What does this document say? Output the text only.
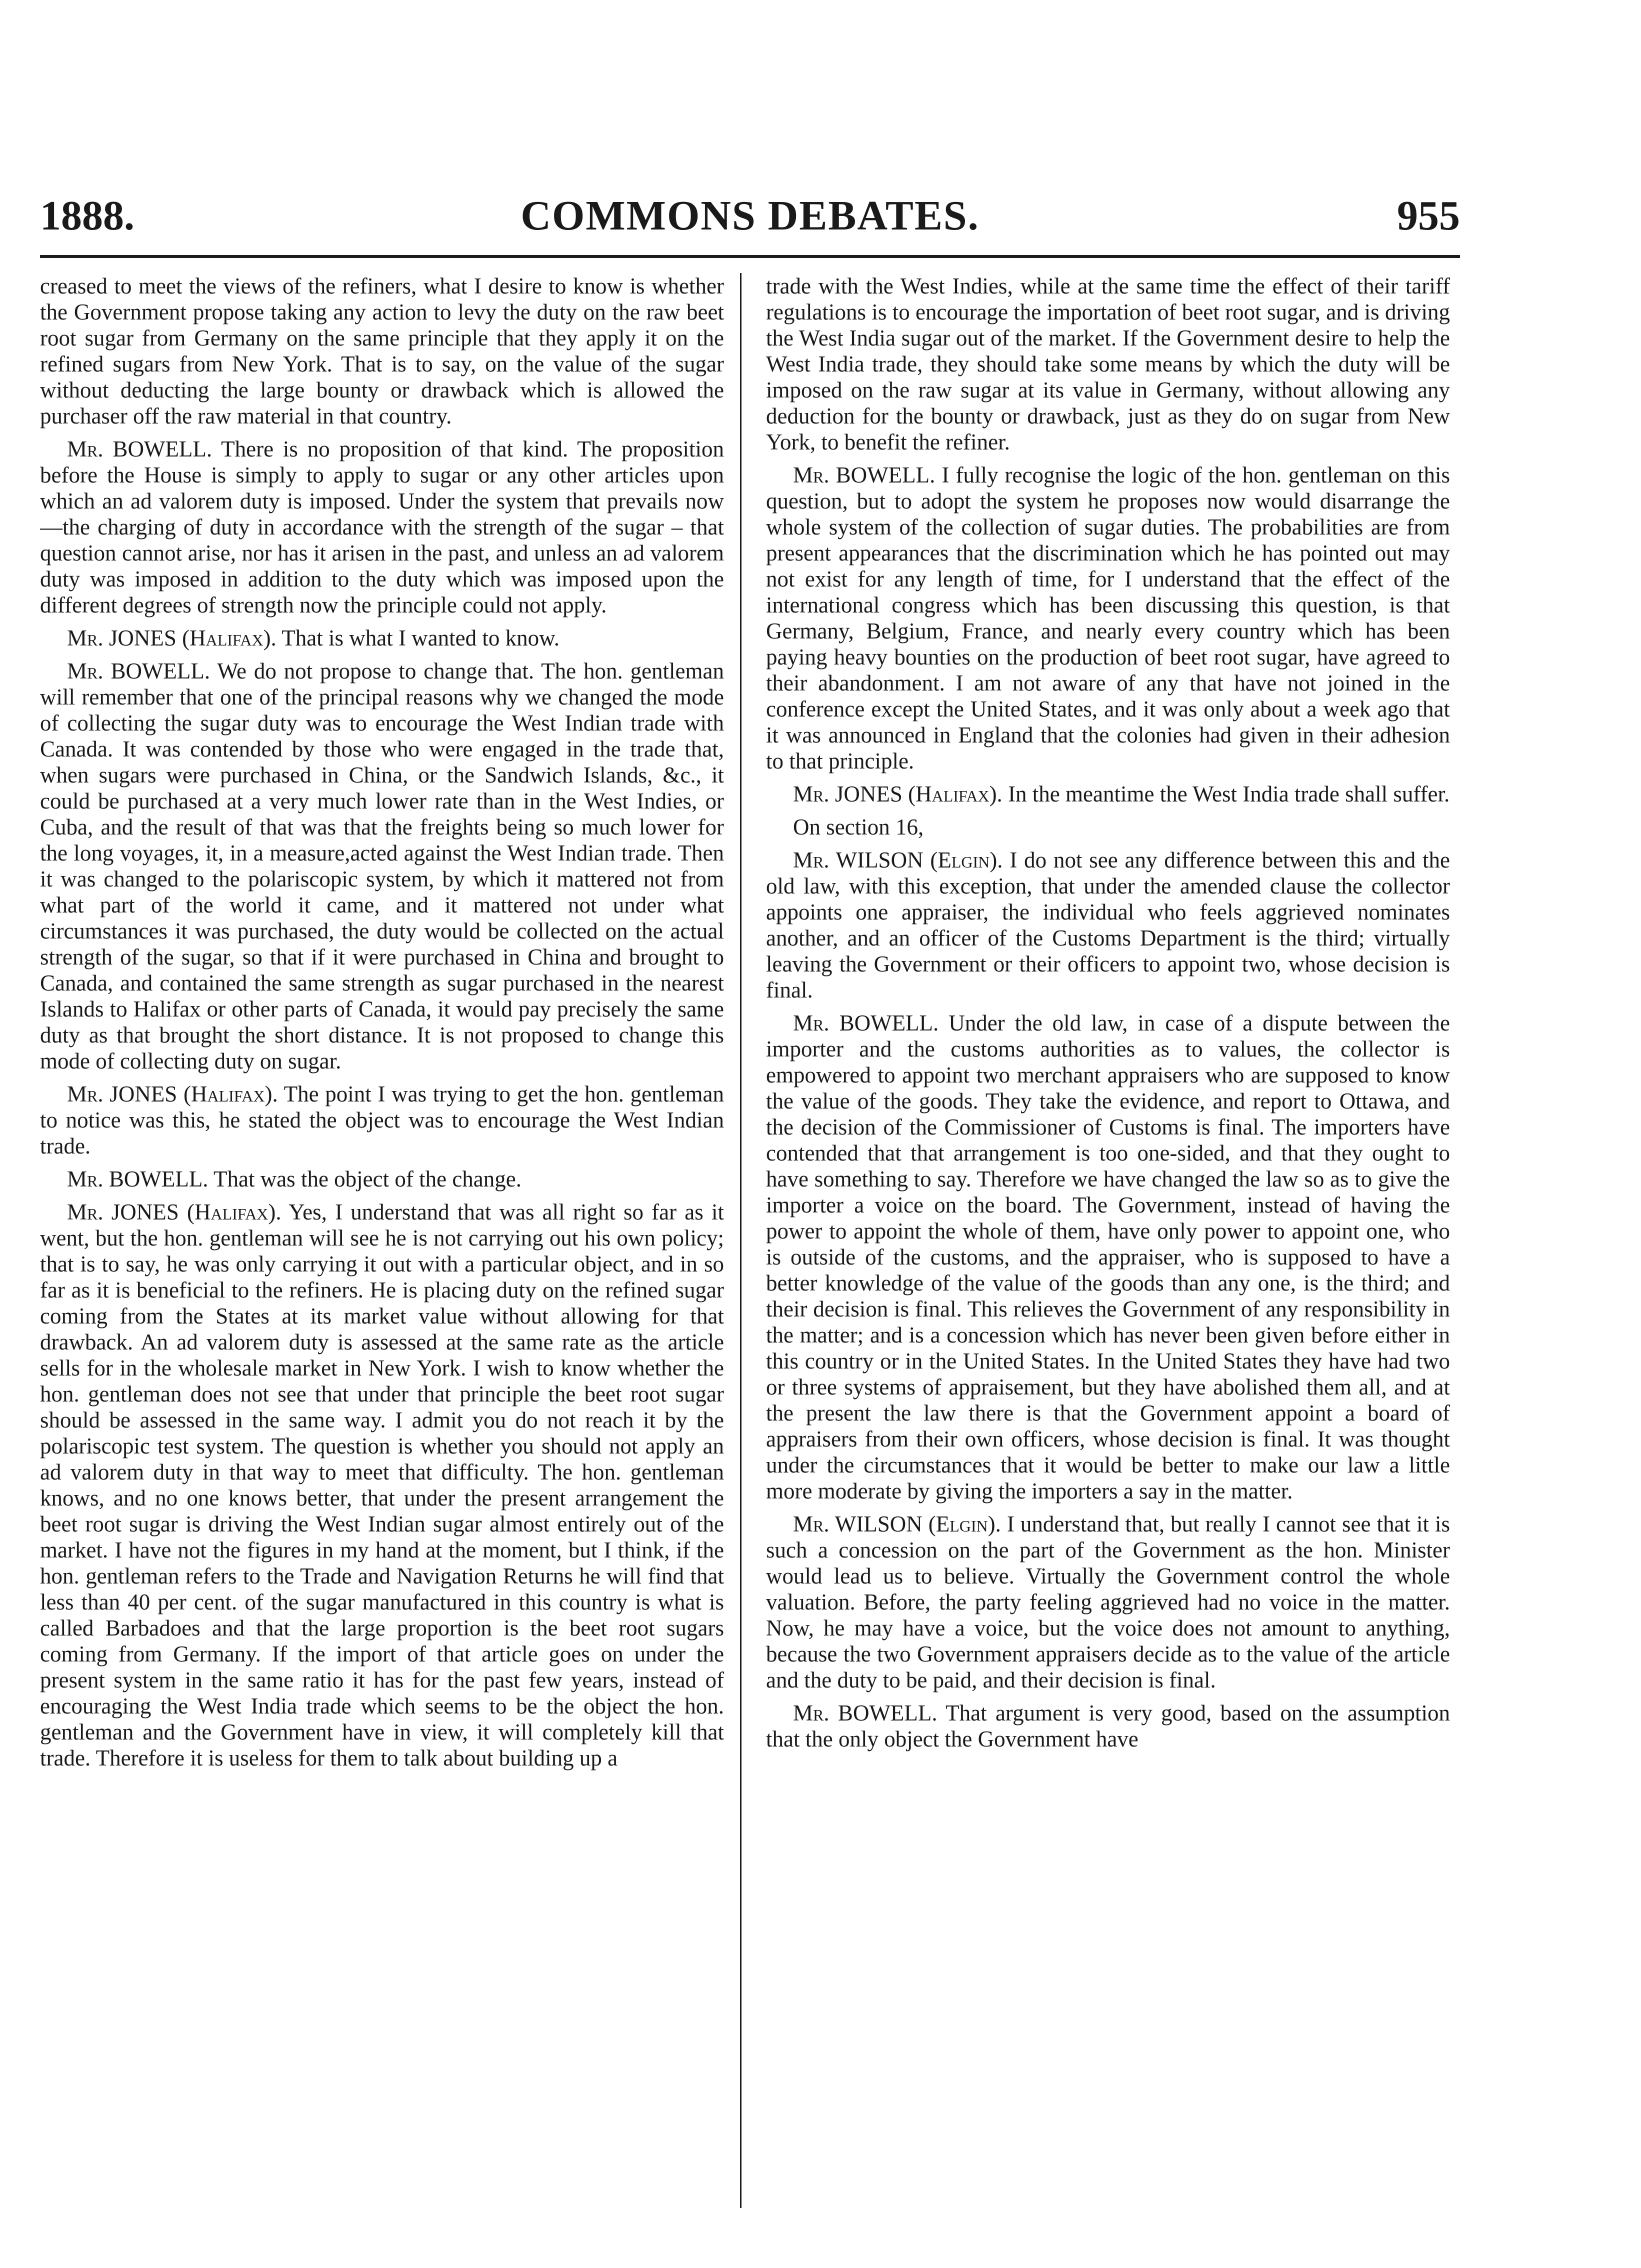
1888.	COMMONS DEBATES.	955

creased to meet the views of the refiners, what I desire to know is whether the Government propose taking any action to levy the duty on the raw beet root sugar from Germany on the same principle that they apply it on the refined sugars from New York. That is to say, on the value of the sugar without deducting the large bounty or drawback which is allowed the purchaser off the raw material in that country.

Mr. BOWELL. There is no proposition of that kind. The proposition before the House is simply to apply to sugar or any other articles upon which an ad valorem duty is imposed. Under the system that prevails now—the charging of duty in accordance with the strength of the sugar – that question cannot arise, nor has it arisen in the past, and unless an ad valorem duty was imposed in addition to the duty which was imposed upon the different degrees of strength now the principle could not apply.

Mr. JONES (Halifax). That is what I wanted to know.

Mr. BOWELL. We do not propose to change that. The hon. gentleman will remember that one of the principal reasons why we changed the mode of collecting the sugar duty was to encourage the West Indian trade with Canada. It was contended by those who were engaged in the trade that, when sugars were purchased in China, or the Sandwich Islands, &c., it could be purchased at a very much lower rate than in the West Indies, or Cuba, and the result of that was that the freights being so much lower for the long voyages, it, in a measure,acted against the West Indian trade. Then it was changed to the polariscopic system, by which it mattered not from what part of the world it came, and it mattered not under what circumstances it was purchased, the duty would be collected on the actual strength of the sugar, so that if it were purchased in China and brought to Canada, and contained the same strength as sugar purchased in the nearest Islands to Halifax or other parts of Canada, it would pay precisely the same duty as that brought the short distance. It is not proposed to change this mode of collecting duty on sugar.

Mr. JONES (Halifax). The point I was trying to get the hon. gentleman to notice was this, he stated the object was to encourage the West Indian trade.

Mr. BOWELL. That was the object of the change.

Mr. JONES (Halifax). Yes, I understand that was all right so far as it went, but the hon. gentleman will see he is not carrying out his own policy; that is to say, he was only carrying it out with a particular object, and in so far as it is beneficial to the refiners. He is placing duty on the refined sugar coming from the States at its market value without allowing for that drawback. An ad valorem duty is assessed at the same rate as the article sells for in the wholesale market in New York. I wish to know whether the hon. gentleman does not see that under that principle the beet root sugar should be assessed in the same way. I admit you do not reach it by the polariscopic test system. The question is whether you should not apply an ad valorem duty in that way to meet that difficulty. The hon. gentleman knows, and no one knows better, that under the present arrangement the beet root sugar is driving the West Indian sugar almost entirely out of the market. I have not the figures in my hand at the moment, but I think, if the hon. gentleman refers to the Trade and Navigation Returns he will find that less than 40 per cent. of the sugar manufactured in this country is what is called Barbadoes and that the large proportion is the beet root sugars coming from Germany. If the import of that article goes on under the present system in the same ratio it has for the past few years, instead of encouraging the West India trade which seems to be the object the hon. gentleman and the Government have in view, it will completely kill that trade. Therefore it is useless for them to talk about building up a

trade with the West Indies, while at the same time the effect of their tariff regulations is to encourage the importation of beet root sugar, and is driving the West India sugar out of the market. If the Government desire to help the West India trade, they should take some means by which the duty will be imposed on the raw sugar at its value in Germany, without allowing any deduction for the bounty or drawback, just as they do on sugar from New York, to benefit the refiner.

Mr. BOWELL. I fully recognise the logic of the hon. gentleman on this question, but to adopt the system he proposes now would disarrange the whole system of the collection of sugar duties. The probabilities are from present appearances that the discrimination which he has pointed out may not exist for any length of time, for I understand that the effect of the international congress which has been discussing this question, is that Germany, Belgium, France, and nearly every country which has been paying heavy bounties on the production of beet root sugar, have agreed to their abandonment. I am not aware of any that have not joined in the conference except the United States, and it was only about a week ago that it was announced in England that the colonies had given in their adhesion to that principle.

Mr. JONES (Halifax). In the meantime the West India trade shall suffer.

On section 16,

Mr. WILSON (Elgin). I do not see any difference between this and the old law, with this exception, that under the amended clause the collector appoints one appraiser, the individual who feels aggrieved nominates another, and an officer of the Customs Department is the third; virtually leaving the Government or their officers to appoint two, whose decision is final.

Mr. BOWELL. Under the old law, in case of a dispute between the importer and the customs authorities as to values, the collector is empowered to appoint two merchant appraisers who are supposed to know the value of the goods. They take the evidence, and report to Ottawa, and the decision of the Commissioner of Customs is final. The importers have contended that that arrangement is too one-sided, and that they ought to have something to say. Therefore we have changed the law so as to give the importer a voice on the board. The Government, instead of having the power to appoint the whole of them, have only power to appoint one, who is outside of the customs, and the appraiser, who is supposed to have a better knowledge of the value of the goods than any one, is the third; and their decision is final. This relieves the Government of any responsibility in the matter; and is a concession which has never been given before either in this country or in the United States. In the United States they have had two or three systems of appraisement, but they have abolished them all, and at the present the law there is that the Government appoint a board of appraisers from their own officers, whose decision is final. It was thought under the circumstances that it would be better to make our law a little more moderate by giving the importers a say in the matter.

Mr. WILSON (Elgin). I understand that, but really I cannot see that it is such a concession on the part of the Government as the hon. Minister would lead us to believe. Virtually the Government control the whole valuation. Before, the party feeling aggrieved had no voice in the matter. Now, he may have a voice, but the voice does not amount to anything, because the two Government appraisers decide as to the value of the article and the duty to be paid, and their decision is final.

Mr. BOWELL. That argument is very good, based on the assumption that the only object the Government have
